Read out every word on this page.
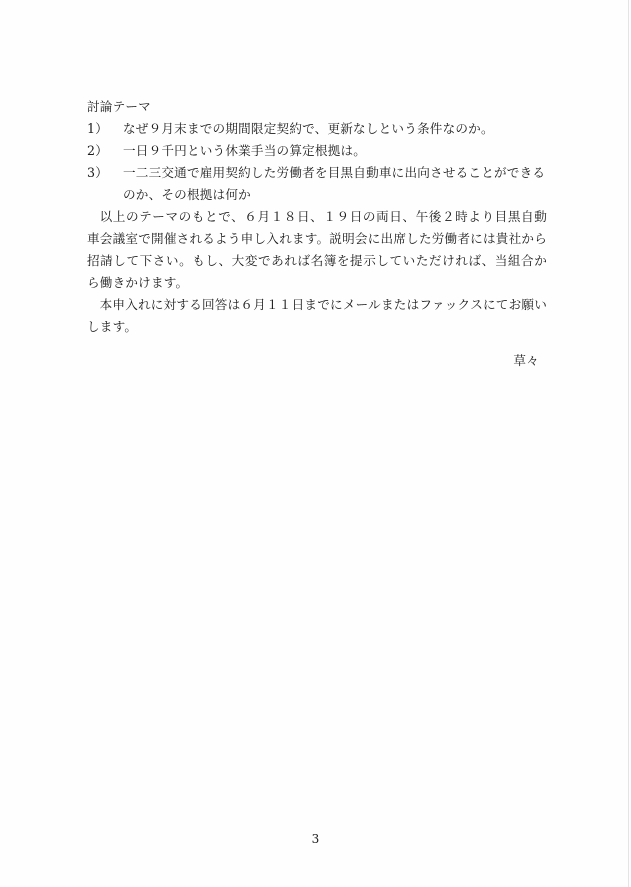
討論テーマ

1）	なぜ９月末までの期間限定契約で、更新なしという条件なのか。
2）	一日９千円という休業手当の算定根拠は。
3）	一二三交通で雇用契約した労働者を目黒自動車に出向させることができるのか、その根拠は何か

以上のテーマのもとで、６月１８日、１９日の両日、午後２時より目黒自動車会議室で開催されるよう申し入れます。説明会に出席した労働者には貴社から招請して下さい。もし、大変であれば名簿を提示していただければ、当組合から働きかけます。

本申入れに対する回答は６月１１日までにメールまたはファックスにてお願いします。

草々
3
